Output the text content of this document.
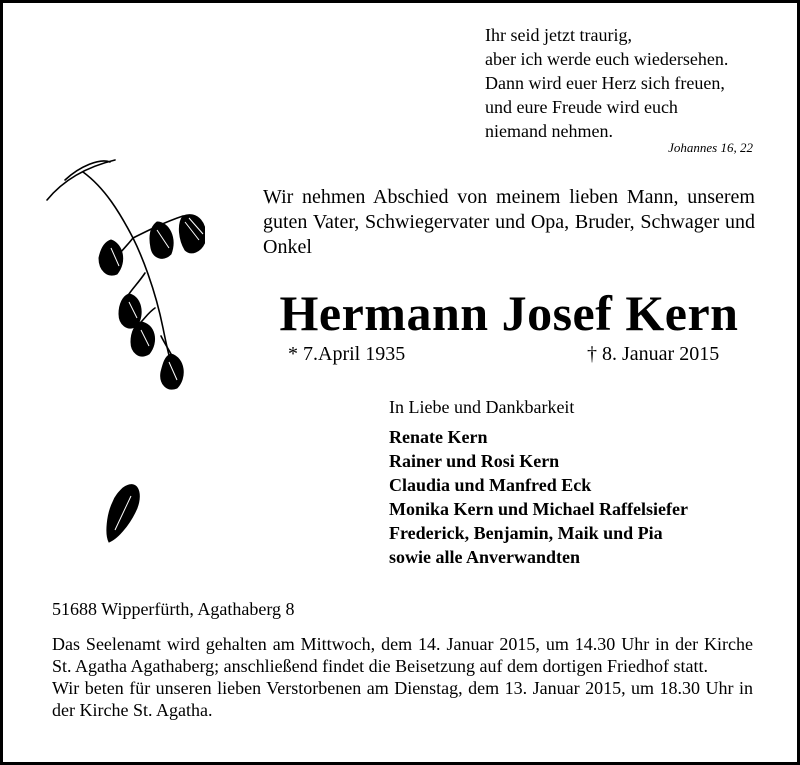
Ihr seid jetzt traurig,
aber ich werde euch wiedersehen.
Dann wird euer Herz sich freuen,
und eure Freude wird euch
niemand nehmen.
Johannes 16, 22
Wir nehmen Abschied von meinem lieben Mann, unserem guten Vater, Schwiegervater und Opa, Bruder, Schwager und Onkel
Hermann Josef Kern
* 7.April 1935	† 8. Januar 2015
In Liebe und Dankbarkeit
Renate Kern
Rainer und Rosi Kern
Claudia und Manfred Eck
Monika Kern und Michael Raffelsiefer
Frederick, Benjamin, Maik und Pia
sowie alle Anverwandten
51688 Wipperfürth, Agathaberg 8

Das Seelenamt wird gehalten am Mittwoch, dem 14. Januar 2015, um 14.30 Uhr in der Kirche St. Agatha Agathaberg; anschließend findet die Beisetzung auf dem dortigen Friedhof statt.

Wir beten für unseren lieben Verstorbenen am Dienstag, dem 13. Januar 2015, um 18.30 Uhr in der Kirche St. Agatha.
